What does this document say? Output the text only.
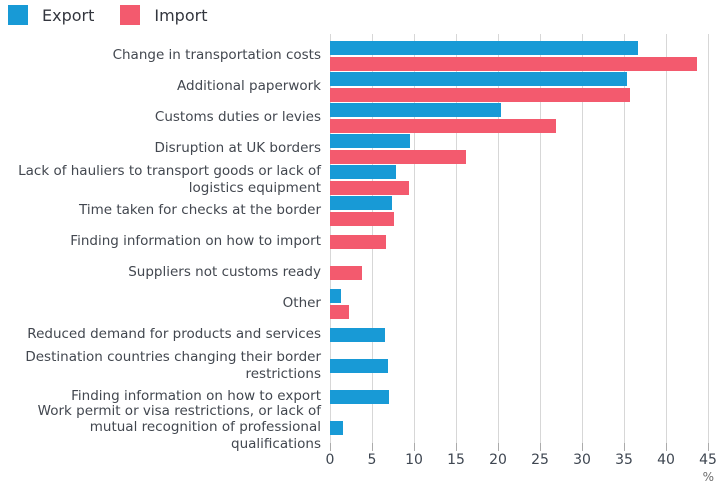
Export	Import
Change in transportation costs
Additional paperwork
Customs duties or levies
Disruption at UK borders
Lack of hauliers to transport goods or lack of logistics equipment
Time taken for checks at the border
Finding information on how to import
Suppliers not customs ready
Other
Reduced demand for products and services
Destination countries changing their border restrictions
Finding information on how to export
Work permit or visa restrictions, or lack of mutual recognition of professional qualifications
0	5	10	15	20	25	30	35	40	45
%
